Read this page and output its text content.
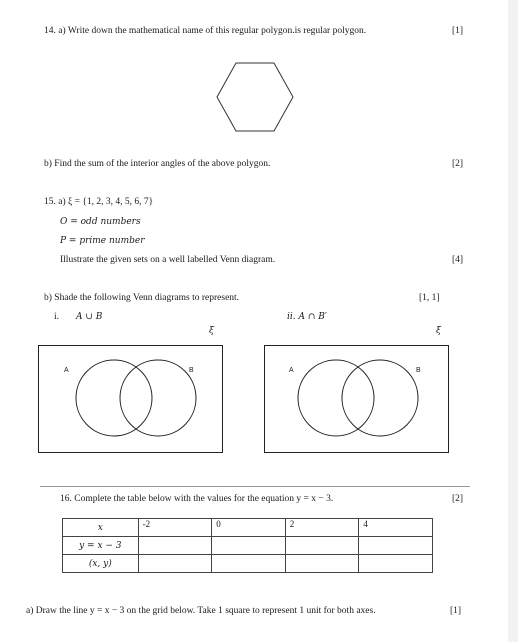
14. a) Write down the mathematical name of this regular polygon.is regular polygon.	[1]
b) Find the sum of the interior angles of the above polygon.	[2]
15. a) ξ = {1, 2, 3, 4, 5, 6, 7}
O = odd numbers
P = prime number
Illustrate the given sets on a well labelled Venn diagram.	[4]
b) Shade the following Venn diagrams to represent.	[1, 1]
i. A ∪ B	ii. A ∩ B′
ξ	ξ
A	B	A	B
16. Complete the table below with the values for the equation y = x − 3.	[2]
x	-2	0	2	4
y = x − 3				
(x, y)				
a) Draw the line y = x − 3 on the grid below. Take 1 square to represent 1 unit for both axes.	[1]
